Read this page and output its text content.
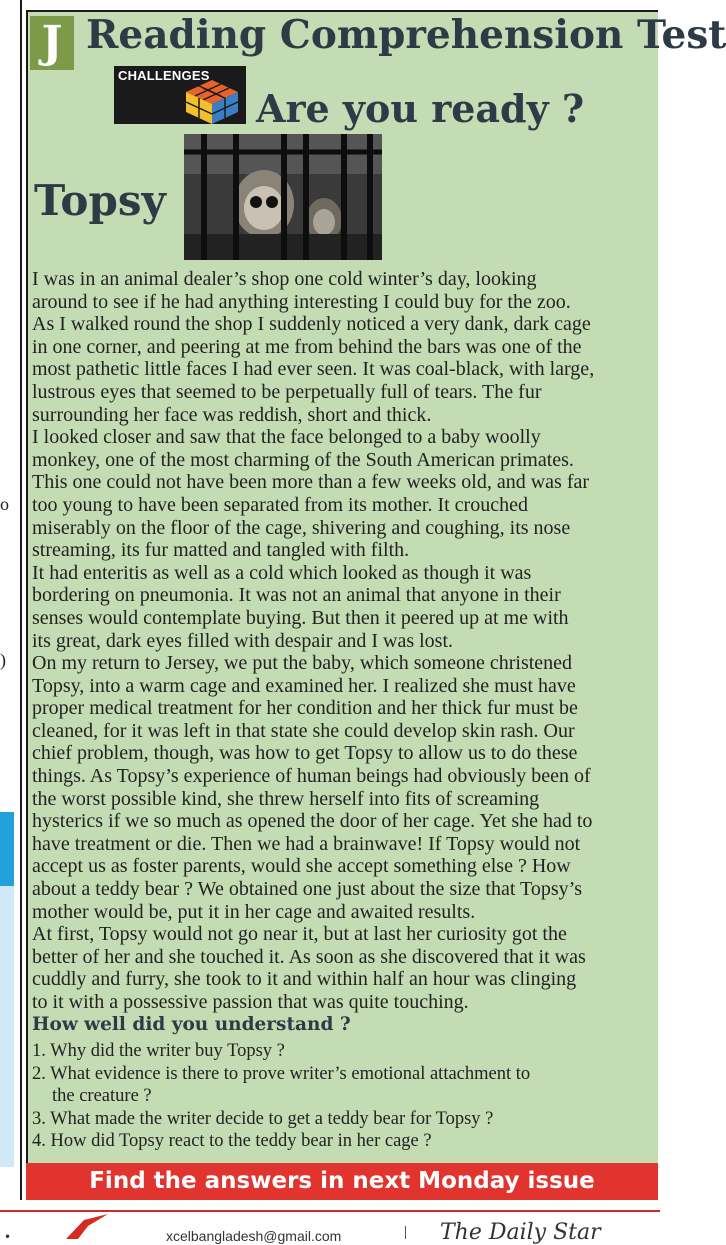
o
)
J Reading Comprehension Test
CHALLENGES
Are you ready ?
Topsy
I was in an animal dealer’s shop one cold winter’s day, looking
around to see if he had anything interesting I could buy for the zoo.
As I walked round the shop I suddenly noticed a very dank, dark cage
in one corner, and peering at me from behind the bars was one of the
most pathetic little faces I had ever seen. It was coal-black, with large,
lustrous eyes that seemed to be perpetually full of tears. The fur
surrounding her face was reddish, short and thick.
I looked closer and saw that the face belonged to a baby woolly
monkey, one of the most charming of the South American primates.
This one could not have been more than a few weeks old, and was far
too young to have been separated from its mother. It crouched
miserably on the floor of the cage, shivering and coughing, its nose
streaming, its fur matted and tangled with filth.
It had enteritis as well as a cold which looked as though it was
bordering on pneumonia. It was not an animal that anyone in their
senses would contemplate buying. But then it peered up at me with
its great, dark eyes filled with despair and I was lost.
On my return to Jersey, we put the baby, which someone christened
Topsy, into a warm cage and examined her. I realized she must have
proper medical treatment for her condition and her thick fur must be
cleaned, for it was left in that state she could develop skin rash. Our
chief problem, though, was how to get Topsy to allow us to do these
things. As Topsy’s experience of human beings had obviously been of
the worst possible kind, she threw herself into fits of screaming
hysterics if we so much as opened the door of her cage. Yet she had to
have treatment or die. Then we had a brainwave! If Topsy would not
accept us as foster parents, would she accept something else ? How
about a teddy bear ? We obtained one just about the size that Topsy’s
mother would be, put it in her cage and awaited results.
At first, Topsy would not go near it, but at last her curiosity got the
better of her and she touched it. As soon as she discovered that it was
cuddly and furry, she took to it and within half an hour was clinging
to it with a possessive passion that was quite touching.
How well did you understand ?
1. Why did the writer buy Topsy ?
2. What evidence is there to prove writer’s emotional attachment to
the creature ?
3. What made the writer decide to get a teddy bear for Topsy ?
4. How did Topsy react to the teddy bear in her cage ?
Find the answers in next Monday issue
•	xcelbangladesh@gmail.com	The Daily Star
